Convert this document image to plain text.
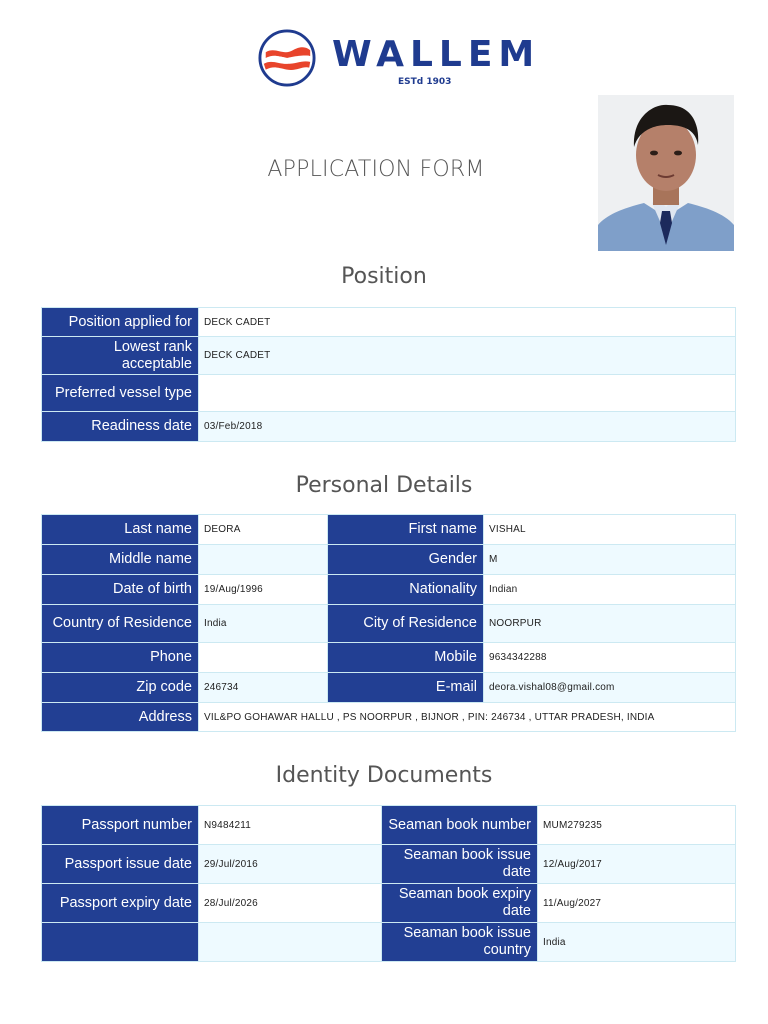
WALLEM
ESTd 1903
APPLICATION FORM
Position
Position applied for	DECK CADET
Lowest rank acceptable	DECK CADET
Preferred vessel type	
Readiness date	03/Feb/2018
Personal Details
Last name	DEORA	First name	VISHAL
Middle name		Gender	M
Date of birth	19/Aug/1996	Nationality	Indian
Country of Residence	India	City of Residence	NOORPUR
Phone		Mobile	9634342288
Zip code	246734	E-mail	deora.vishal08@gmail.com
Address	VIL&PO GOHAWAR HALLU , PS NOORPUR , BIJNOR , PIN: 246734 , UTTAR PRADESH, INDIA		
Identity Documents
Passport number	N9484211	Seaman book number	MUM279235
Passport issue date	29/Jul/2016	Seaman book issue date	12/Aug/2017
Passport expiry date	28/Jul/2026	Seaman book expiry date	11/Aug/2027
		Seaman book issue country	India
